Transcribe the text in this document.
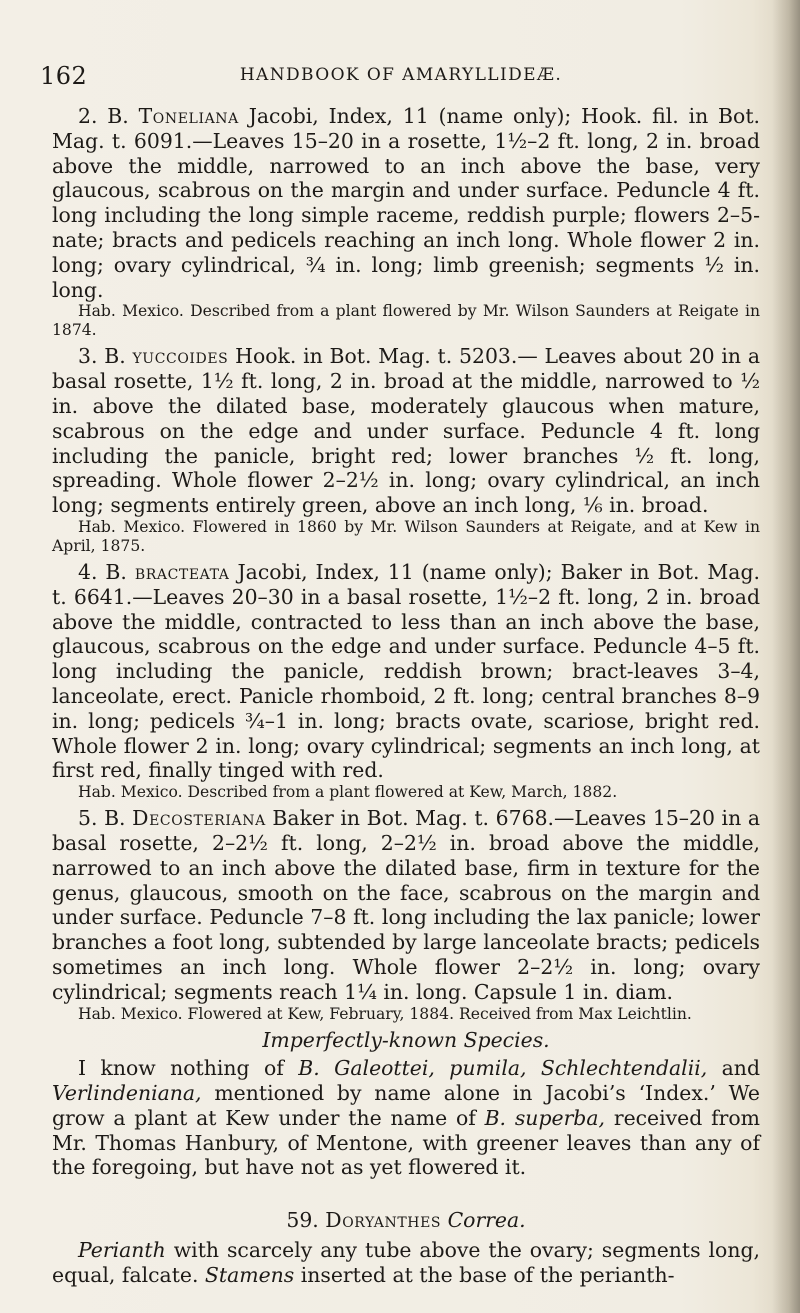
162	HANDBOOK OF AMARYLLIDEÆ.

2. B. Toneliana Jacobi, Index, 11 (name only); Hook. fil. in Bot. Mag. t. 6091.—Leaves 15–20 in a rosette, 1½–2 ft. long, 2 in. broad above the middle, narrowed to an inch above the base, very glaucous, scabrous on the margin and under surface. Peduncle 4 ft. long including the long simple raceme, reddish purple; flowers 2–5-nate; bracts and pedicels reaching an inch long. Whole flower 2 in. long; ovary cylindrical, ¾ in. long; limb greenish; segments ½ in. long.

Hab. Mexico. Described from a plant flowered by Mr. Wilson Saunders at Reigate in 1874.

3. B. yuccoides Hook. in Bot. Mag. t. 5203.— Leaves about 20 in a basal rosette, 1½ ft. long, 2 in. broad at the middle, narrowed to ½ in. above the dilated base, moderately glaucous when mature, scabrous on the edge and under surface. Peduncle 4 ft. long including the panicle, bright red; lower branches ½ ft. long, spreading. Whole flower 2–2½ in. long; ovary cylindrical, an inch long; segments entirely green, above an inch long, ⅙ in. broad.

Hab. Mexico. Flowered in 1860 by Mr. Wilson Saunders at Reigate, and at Kew in April, 1875.

4. B. bracteata Jacobi, Index, 11 (name only); Baker in Bot. Mag. t. 6641.—Leaves 20–30 in a basal rosette, 1½–2 ft. long, 2 in. broad above the middle, contracted to less than an inch above the base, glaucous, scabrous on the edge and under surface. Peduncle 4–5 ft. long including the panicle, reddish brown; bract-leaves 3–4, lanceolate, erect. Panicle rhomboid, 2 ft. long; central branches 8–9 in. long; pedicels ¾–1 in. long; bracts ovate, scariose, bright red. Whole flower 2 in. long; ovary cylindrical; segments an inch long, at first red, finally tinged with red.

Hab. Mexico. Described from a plant flowered at Kew, March, 1882.

5. B. Decosteriana Baker in Bot. Mag. t. 6768.—Leaves 15–20 in a basal rosette, 2–2½ ft. long, 2–2½ in. broad above the middle, narrowed to an inch above the dilated base, firm in texture for the genus, glaucous, smooth on the face, scabrous on the margin and under surface. Peduncle 7–8 ft. long including the lax panicle; lower branches a foot long, subtended by large lanceolate bracts; pedicels sometimes an inch long. Whole flower 2–2½ in. long; ovary cylindrical; segments reach 1¼ in. long. Capsule 1 in. diam.

Hab. Mexico. Flowered at Kew, February, 1884. Received from Max Leichtlin.

Imperfectly-known Species.

I know nothing of B. Galeottei, pumila, Schlechtendalii, and Verlindeniana, mentioned by name alone in Jacobi’s ‘Index.’ We grow a plant at Kew under the name of B. superba, received from Mr. Thomas Hanbury, of Mentone, with greener leaves than any of the foregoing, but have not as yet flowered it.

59. Doryanthes Correa.

Perianth with scarcely any tube above the ovary; segments long, equal, falcate. Stamens inserted at the base of the perianth-
